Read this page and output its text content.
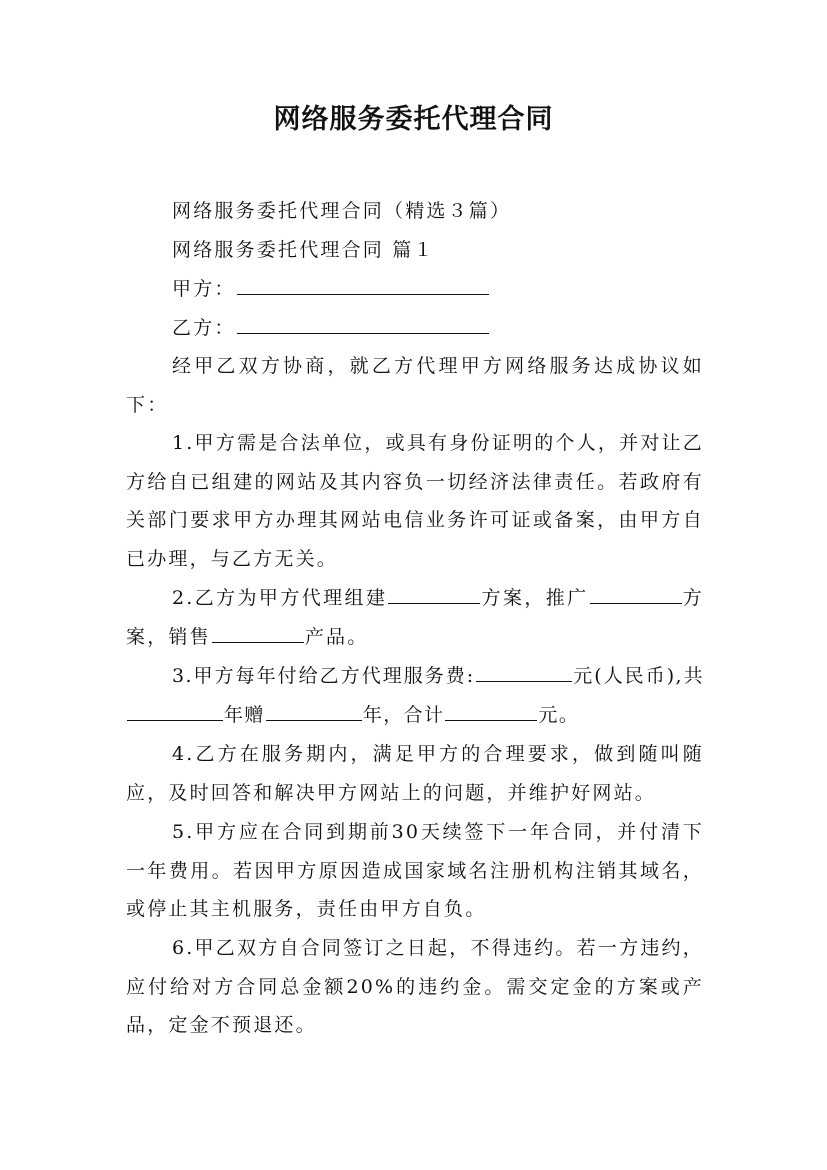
网络服务委托代理合同
网络服务委托代理合同（精选３篇）
网络服务委托代理合同 篇１
甲方：
乙方：
经甲乙双方协商，就乙方代理甲方网络服务达成协议如下：
1.甲方需是合法单位，或具有身份证明的个人，并对让乙方给自已组建的网站及其内容负一切经济法律责任。若政府有关部门要求甲方办理其网站电信业务许可证或备案，由甲方自已办理，与乙方无关。
2.乙方为甲方代理组建	方案，推广	方案，销售	产品。
3.甲方每年付给乙方代理服务费:	元(人民币),共年赠	年，合计	元。
4.乙方在服务期内，满足甲方的合理要求，做到随叫随应，及时回答和解决甲方网站上的问题，并维护好网站。
5.甲方应在合同到期前30天续签下一年合同，并付清下一年费用。若因甲方原因造成国家域名注册机构注销其域名，或停止其主机服务，责任由甲方自负。
6.甲乙双方自合同签订之日起，不得违约。若一方违约，应付给对方合同总金额20%的违约金。需交定金的方案或产品，定金不预退还。
